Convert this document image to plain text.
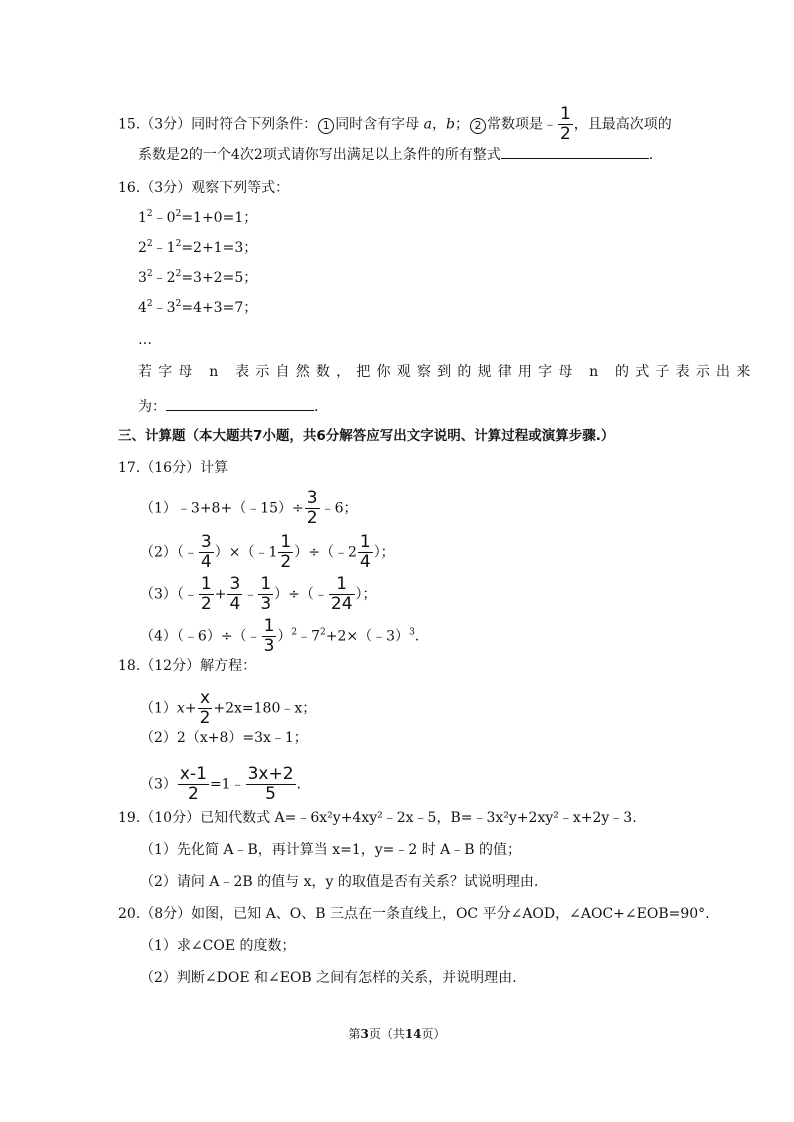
15.（3分）同时符合下列条件： 1 同时含有字母 a，b； 2 常数项是﹣ $\frac{1}{2}$ ，且最高次项的
系数是2的一个4次2项式请你写出满足以上条件的所有整式	.
16.（3分）观察下列等式：
$1^2﹣0^2=1+0=1$；
$2^2﹣1^2=2+1=3$；
$3^2﹣2^2=3+2=5$；
$4^2﹣3^2=4+3=7$；
…
若字母 n 表示自然数，把你观察到的规律用字母 n 的式子表示出来
为：	.
三、计算题（本大题共7小题，共6分解答应写出文字说明、计算过程或演算步骤.）
17.（16分）计算
（1）﹣3+8+（﹣15）÷ $\frac{3}{2}$ ﹣6；
（2）（﹣ $\frac{3}{4}$ ）×（﹣1 $\frac{1}{2}$ ）÷（﹣2 $\frac{1}{4}$ ）；
（3）（﹣ $\frac{1}{2} + \frac{3}{4}$ ﹣ $\frac{1}{3}$ ）÷（﹣ $\frac{1}{24}$ ）；
（4）（﹣6）÷（﹣ $\frac{1}{3}$ ）$^2﹣7^2+2\times(﹣3)^3$.
18.（12分）解方程：
$(1)x+ \frac{x}{2}$ +2x=180﹣x；
（2）2（x+8）=3x﹣1；
$(3) \frac{x-1}{2}$ =1﹣ $\frac{3x+2}{5}$ .
19.（10分）已知代数式 A=﹣6x²y+4xy²﹣2x﹣5，B=﹣3x²y+2xy²﹣x+2y﹣3.
（1）先化简 A﹣B，再计算当 x=1，y=﹣2 时 A﹣B 的值；
（2）请问 A﹣2B 的值与 x，y 的取值是否有关系？试说明理由.
20.（8分）如图，已知 A、O、B 三点在一条直线上，OC 平分∠AOD，∠AOC+∠EOB=90°.
（1）求∠COE 的度数；
（2）判断∠DOE 和∠EOB 之间有怎样的关系，并说明理由.
第3页（共14页）
